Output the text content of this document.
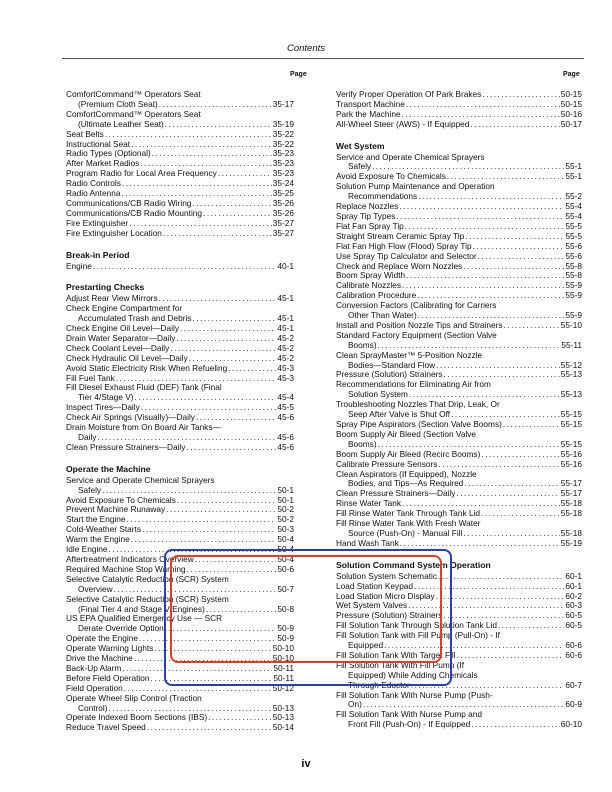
Contents
Page	Page
ComfortCommand™ Operators Seat
(Premium Cloth Seat) . . .	35-17
ComfortCommand™ Operators Seat
(Ultimate Leather Seat) . . .	35-19
Seat Belts . . .	35-22
Instructional Seat . . .	35-22
Radio Types (Optional) . . .	35-23
After Market Radios . . .	35-23
Program Radio for Local Area Frequency . . .	35-23
Radio Controls . . .	35-24
Radio Antenna . . .	35-25
Communications/CB Radio Wiring . . .	35-26
Communications/CB Radio Mounting . . .	35-26
Fire Extinguisher . . .	35-27
Fire Extinguisher Location . . .	35-27
Break-in Period
Engine . . .	40-1
Prestarting Checks
Adjust Rear View Mirrors . . .	45-1
Check Engine Compartment for
Accumulated Trash and Debris . . .	45-1
Check Engine Oil Level—Daily . . .	45-1
Drain Water Separator—Daily . . .	45-2
Check Coolant Level—Daily . . .	45-2
Check Hydraulic Oil Level—Daily . . .	45-2
Avoid Static Electricity Risk When Refueling . . .	45-3
Fill Fuel Tank . . .	45-3
Fill Diesel Exhaust Fluid (DEF) Tank (Final
Tier 4/Stage V) . . .	45-4
Inspect Tires—Daily . . .	45-5
Check Air Springs (Visually)—Daily . . .	45-6
Drain Moisture from On Board Air Tanks—
Daily . . .	45-6
Clean Pressure Strainers—Daily . . .	45-6
Operate the Machine
Service and Operate Chemical Sprayers
Safely . . .	50-1
Avoid Exposure To Chemicals . . .	50-1
Prevent Machine Runaway . . .	50-2
Start the Engine . . .	50-2
Cold-Weather Starts . . .	50-3
Warm the Engine . . .	50-4
Idle Engine . . .	50-4
Aftertreatment Indicators Overview . . .	50-4
Required Machine Stop Warning . . .	50-6
Selective Catalytic Reduction (SCR) System
Overview . . .	50-7
Selective Catalytic Reduction (SCR) System
(Final Tier 4 and Stage V Engines) . . .	50-8
US EPA Qualified Emergency Use — SCR
Derate Override Option . . .	50-9
Operate the Engine . . .	50-9
Operate Warning Lights . . .	50-10
Drive the Machine . . .	50-10
Back-Up Alarm . . .	50-11
Before Field Operation . . .	50-11
Field Operation . . .	50-12
Operate Wheel Slip Control (Traction
Control) . . .	50-13
Operate Indexed Boom Sections (IBS) . . .	50-13
Reduce Travel Speed . . .	50-14
Verify Proper Operation Of Park Brakes . . .	50-15
Transport Machine . . .	50-15
Park the Machine . . .	50-16
All-Wheel Steer (AWS) - If Equipped . . .	50-17
Wet System
Service and Operate Chemical Sprayers
Safely . . .	55-1
Avoid Exposure To Chemicals . . .	55-1
Solution Pump Maintenance and Operation
Recommendations . . .	55-2
Replace Nozzles . . .	55-4
Spray Tip Types . . .	55-4
Flat Fan Spray Tip . . .	55-5
Straight Stream Ceramic Spray Tip . . .	55-5
Flat Fan High Flow (Flood) Spray Tip . . .	55-6
Use Spray Tip Calculator and Selector . . .	55-6
Check and Replace Worn Nozzles . . .	55-8
Boom Spray Width . . .	55-8
Calibrate Nozzles . . .	55-9
Calibration Procedure . . .	55-9
Conversion Factors (Calibrating for Carriers
Other Than Water) . . .	55-9
Install and Position Nozzle Tips and Strainers . . .	55-10
Standard Factory Equipment (Section Valve
Booms) . . .	55-11
Clean SprayMaster™ 5-Position Nozzle
Bodies—Standard Flow . . .	55-12
Pressure (Solution) Strainers . . .	55-13
Recommendations for Eliminating Air from
Solution System . . .	55-13
Troubleshooting Nozzles That Drip, Leak, Or
Seep After Valve is Shut Off . . .	55-15
Spray Pipe Aspirators (Section Valve Booms) . . .	55-15
Boom Supply Air Bleed (Section Valve
Booms) . . .	55-15
Boom Supply Air Bleed (Recirc Booms) . . .	55-16
Calibrate Pressure Sensors . . .	55-16
Clean Aspirators (If Equipped), Nozzle
Bodies, and Tips—As Required . . .	55-17
Clean Pressure Strainers—Daily . . .	55-17
Rinse Water Tank . . .	55-18
Fill Rinse Water Tank Through Tank Lid . . .	55-18
Fill Rinse Water Tank With Fresh Water
Source (Push-On) - Manual Fill . . .	55-18
Hand Wash Tank . . .	55-19
Solution Command System Operation
Solution System Schematic . . .	60-1
Load Station Keypad . . .	60-1
Load Station Micro Display . . .	60-2
Wet System Valves . . .	60-3
Pressure (Solution) Strainers . . .	60-5
Fill Solution Tank Through Solution Tank Lid . . .	60-5
Fill Solution Tank with Fill Pump (Pull-On) - If
Equipped . . .	60-6
Fill Solution Tank With Target Fill . . .	60-6
Fill Solution Tank With Fill Pump (If
Equipped) While Adding Chemicals
Through Eductor . . .	60-7
Fill Solution Tank With Nurse Pump (Push-
On) . . .	60-9
Fill Solution Tank With Nurse Pump and
Front Fill (Push-On) - If Equipped . . .	60-10
iv
